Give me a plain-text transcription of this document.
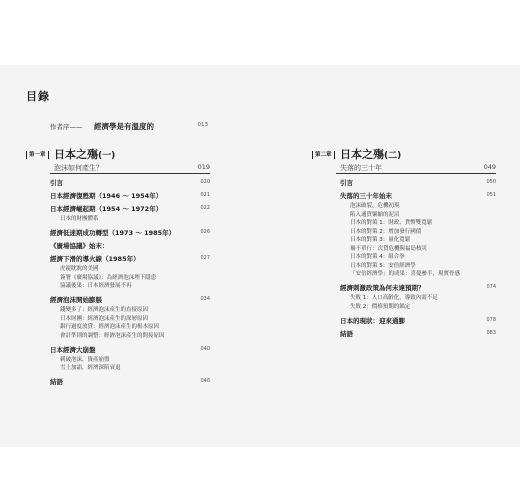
目錄
作者序—— 經濟學是有溫度的	013
第一章 日本之殤(一)
泡沫如何產生？	019
引言	020
日本經濟復甦期（1946 ～ 1954年）	021
日本經濟崛起期（1954 ～ 1972年）	022
日本的財團體系
經濟低迷期成功轉型（1973 ～ 1985年）	026
《廣場協議》始末：
經濟下滑的導火線（1985年）	027
虎視眈眈的美國
簽署《廣場協議》：為經濟泡沫埋下隱患
協議後果：日本經濟發展不再
經濟泡沫開始膨脹	034
錢變多了：經濟泡沫產生的直接原因
日本財團：經濟泡沫產生的深層原因
銀行過度放貸：經濟泡沫產生的根本原因
會計準則的調整：經濟泡沫產生的間接原因
日本經濟大崩盤	040
刺破泡沫，資產崩盤
雪上加霜，經濟深陷衰退
結語	046
第二章 日本之殤(二)
失落的三十年	049
引言	050
失落的三十年始末	051
泡沫破裂，危機初現
陷入通貨緊縮的泥沼
日本的對策 1：財政、貨幣雙寬鬆
日本的對策 2：增加發行國債
日本的對策 3：量化寬鬆
禍不單行：次貸危機與福島核災
日本的對策 4：組合拳
日本的對策 5：安倍經濟學
「安倍經濟學」的成果：喜憂參半，現實骨感
經濟刺激政策為何未達預期？	074
失敗 1：人口高齡化，導致內需不足
失敗 2：價格預期的錨定
日本的現狀：迎來通膨	078
結語	083
